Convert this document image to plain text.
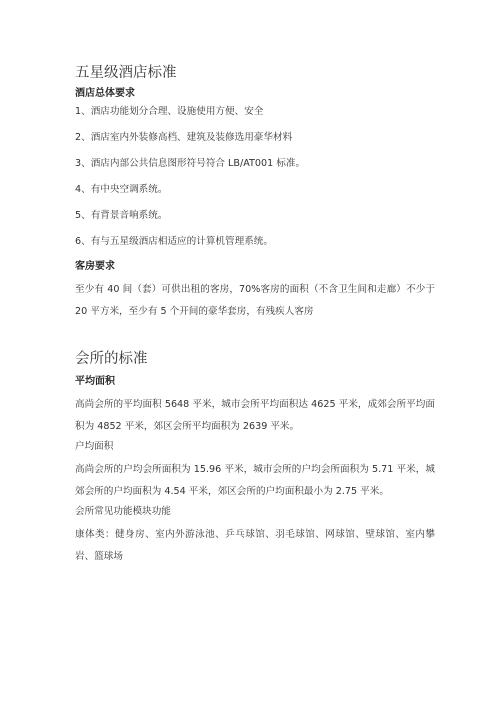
五星级酒店标准
酒店总体要求
1、酒店功能划分合理、设施使用方便、安全
2、酒店室内外装修高档、建筑及装修选用豪华材料
3、酒店内部公共信息图形符号符合 LB/AT001 标准。
4、有中央空调系统。
5、有背景音响系统。
6、有与五星级酒店相适应的计算机管理系统。
客房要求
至少有 40 间（套）可供出租的客房，70%客房的面积（不含卫生间和走廊）不少于 20 平方米，至少有 5 个开间的豪华套房，有残疾人客房
会所的标准
平均面积
高尚会所的平均面积 5648 平米，城市会所平均面积达 4625 平米，成郊会所平均面积为 4852 平米，郊区会所平均面积为 2639 平米。
户均面积
高尚会所的户均会所面积为 15.96 平米，城市会所的户均会所面积为 5.71 平米，城郊会所的户均面积为 4.54 平米，郊区会所的户均面积最小为 2.75 平米。
会所常见功能模块功能
康体类：健身房、室内外游泳池、乒乓球馆、羽毛球馆、网球馆、壁球馆、室内攀岩、篮球场
